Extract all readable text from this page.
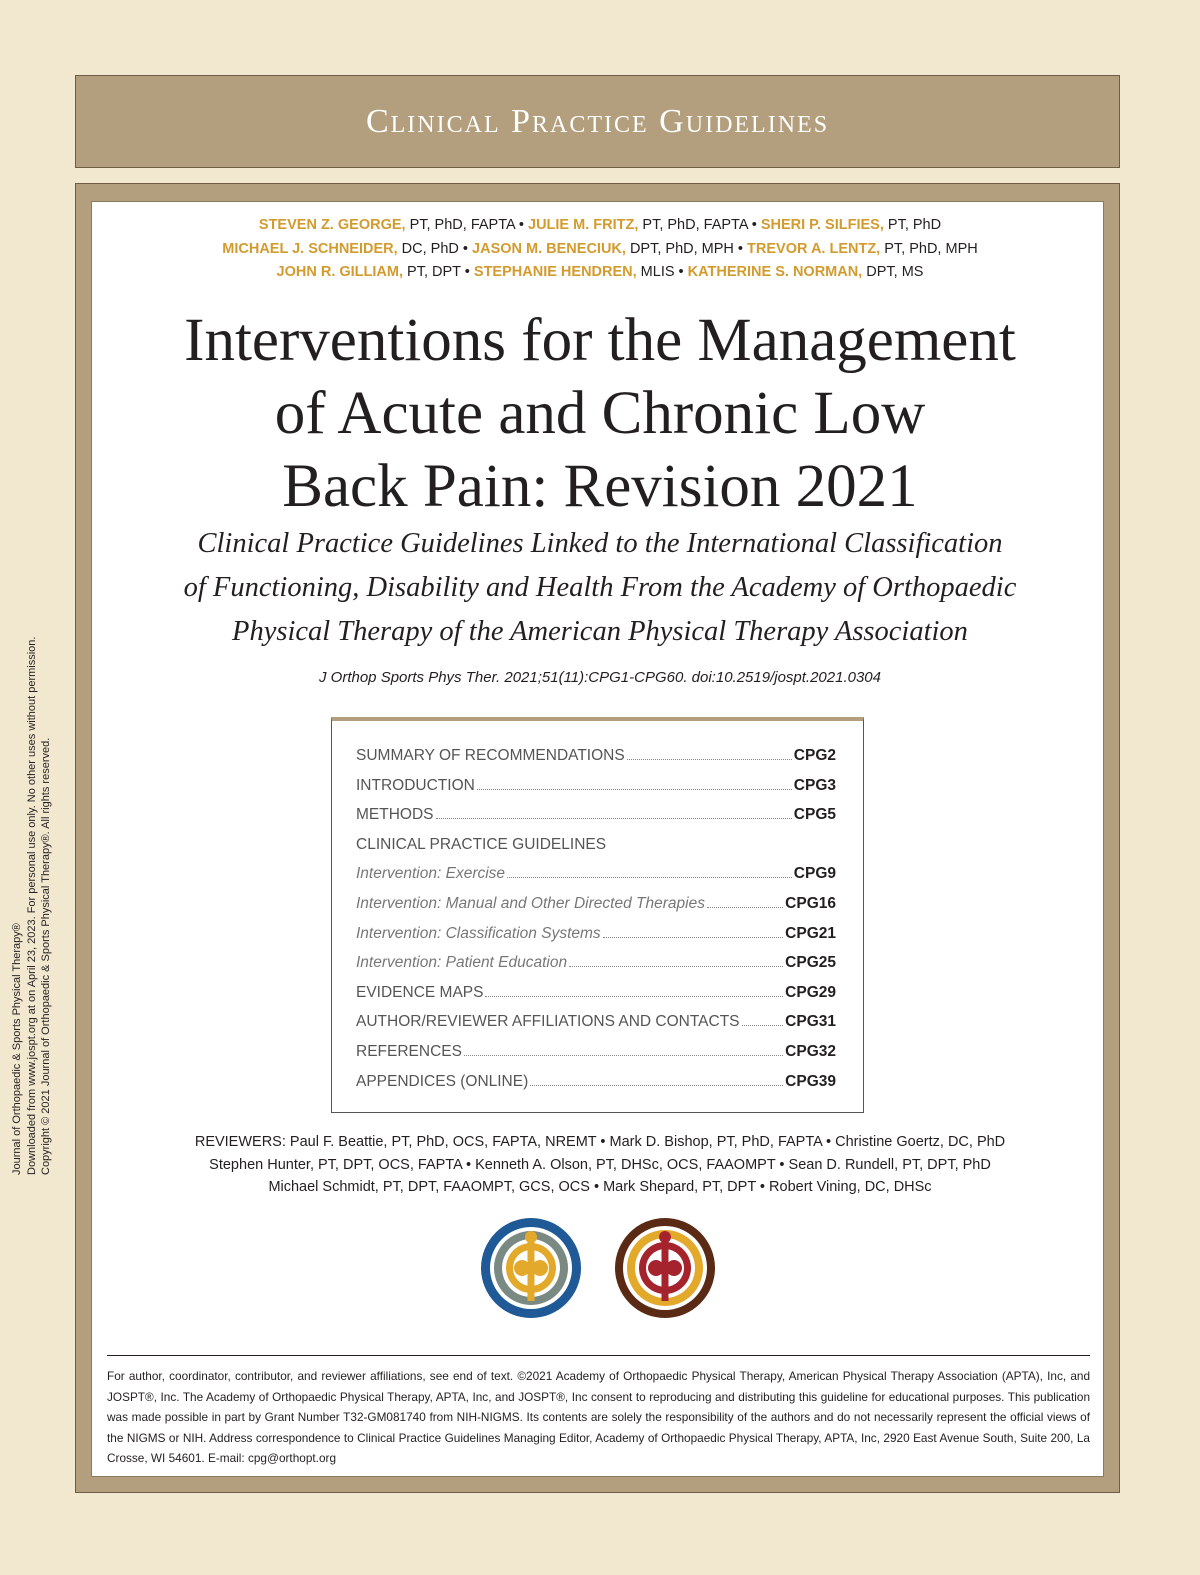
Clinical Practice Guidelines
STEVEN Z. GEORGE, PT, PhD, FAPTA • JULIE M. FRITZ, PT, PhD, FAPTA • SHERI P. SILFIES, PT, PhD
MICHAEL J. SCHNEIDER, DC, PhD • JASON M. BENECIUK, DPT, PhD, MPH • TREVOR A. LENTZ, PT, PhD, MPH
JOHN R. GILLIAM, PT, DPT • STEPHANIE HENDREN, MLIS • KATHERINE S. NORMAN, DPT, MS
Interventions for the Management
of Acute and Chronic Low
Back Pain: Revision 2021
Clinical Practice Guidelines Linked to the International Classification
of Functioning, Disability and Health From the Academy of Orthopaedic
Physical Therapy of the American Physical Therapy Association
J Orthop Sports Phys Ther. 2021;51(11):CPG1-CPG60. doi:10.2519/jospt.2021.0304
SUMMARY OF RECOMMENDATIONS	CPG2
INTRODUCTION	CPG3
METHODS	CPG5
CLINICAL PRACTICE GUIDELINES
Intervention: Exercise	CPG9
Intervention: Manual and Other Directed Therapies	CPG16
Intervention: Classification Systems	CPG21
Intervention: Patient Education	CPG25
EVIDENCE MAPS	CPG29
AUTHOR/REVIEWER AFFILIATIONS AND CONTACTS	CPG31
REFERENCES	CPG32
APPENDICES (ONLINE)	CPG39
REVIEWERS: Paul F. Beattie, PT, PhD, OCS, FAPTA, NREMT • Mark D. Bishop, PT, PhD, FAPTA • Christine Goertz, DC, PhD
Stephen Hunter, PT, DPT, OCS, FAPTA • Kenneth A. Olson, PT, DHSc, OCS, FAAOMPT • Sean D. Rundell, PT, DPT, PhD
Michael Schmidt, PT, DPT, FAAOMPT, GCS, OCS • Mark Shepard, PT, DPT • Robert Vining, DC, DHSc
For author, coordinator, contributor, and reviewer affiliations, see end of text. ©2021 Academy of Orthopaedic Physical Therapy, American Physical Therapy Association (APTA), Inc, and JOSPT®, Inc. The Academy of Orthopaedic Physical Therapy, APTA, Inc, and JOSPT®, Inc consent to reproducing and distributing this guideline for educational purposes. This publication was made possible in part by Grant Number T32-GM081740 from NIH-NIGMS. Its contents are solely the responsibility of the authors and do not necessarily represent the official views of the NIGMS or NIH. Address correspondence to Clinical Practice Guidelines Managing Editor, Academy of Orthopaedic Physical Therapy, APTA, Inc, 2920 East Avenue South, Suite 200, La Crosse, WI 54601. E-mail: cpg@orthopt.org
Journal of Orthopaedic & Sports Physical Therapy® Downloaded from www.jospt.org at on April 23, 2023. For personal use only. No other uses without permission. Copyright © 2021 Journal of Orthopaedic & Sports Physical Therapy®. All rights reserved.
